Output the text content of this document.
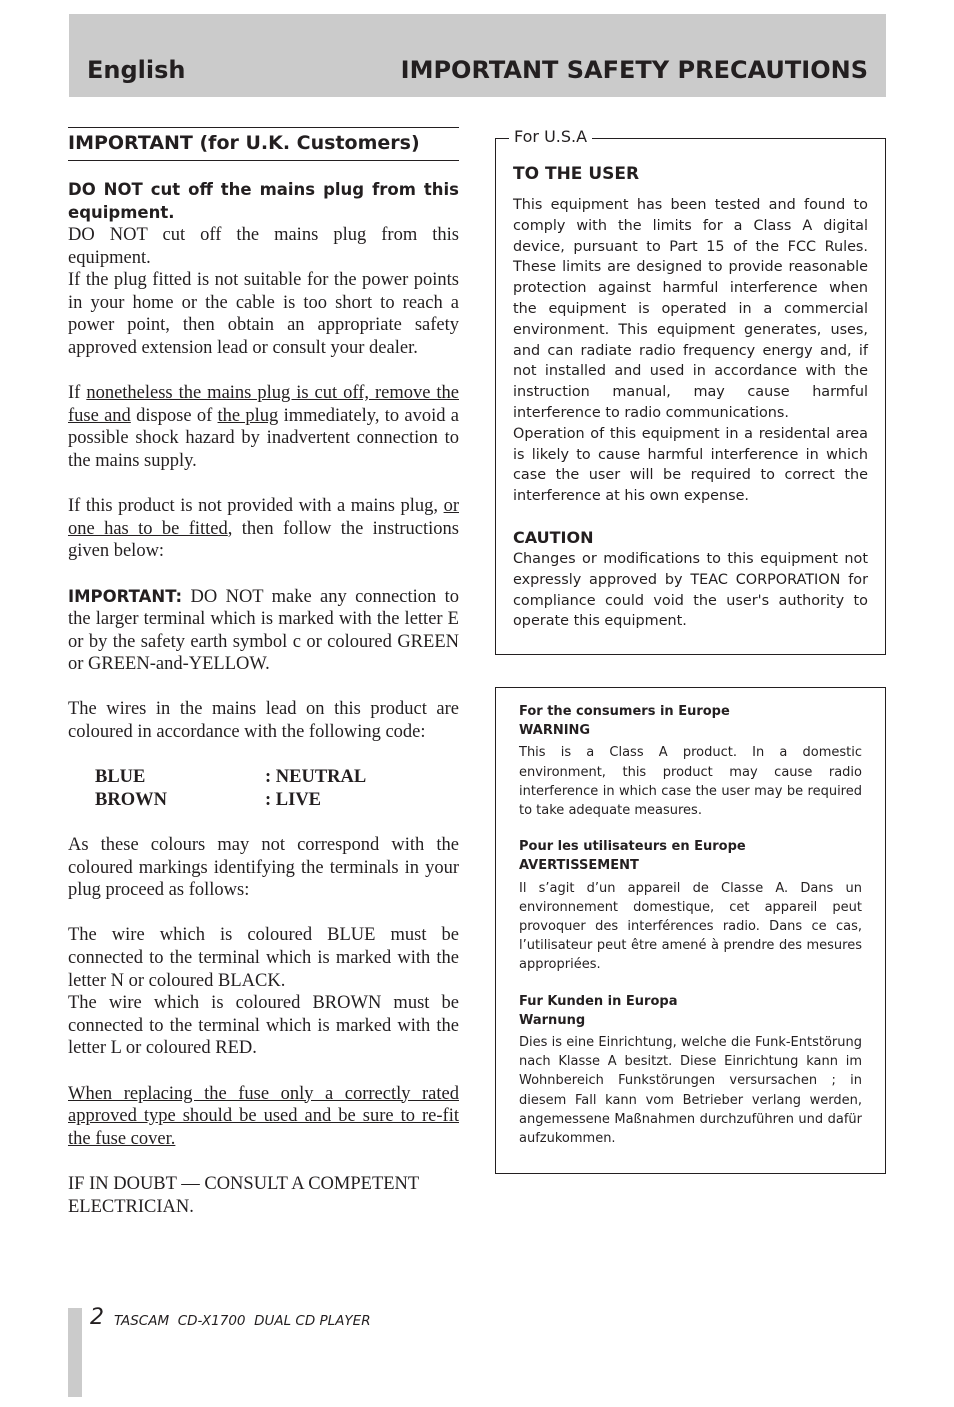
English	IMPORTANT SAFETY PRECAUTIONS
IMPORTANT (for U.K. Customers)
DO NOT cut off the mains plug from this equipment.

DO NOT cut off the mains plug from this equipment.

If the plug fitted is not suitable for the power points in your home or the cable is too short to reach a power point, then obtain an appropriate safety approved extension lead or consult your dealer.

If nonetheless the mains plug is cut off, remove the fuse and dispose of the plug immediately, to avoid a possible shock hazard by inadvertent connection to the mains supply.

If this product is not provided with a mains plug, or one has to be fitted, then follow the instructions given below:

IMPORTANT: DO NOT make any connection to the larger terminal which is marked with the letter E or by the safety earth symbol c or coloured GREEN or GREEN-and-YELLOW.

The wires in the mains lead on this product are coloured in accordance with the following code:

BLUE	: NEUTRAL
BROWN	: LIVE

As these colours may not correspond with the coloured markings identifying the terminals in your plug proceed as follows:

The wire which is coloured BLUE must be connected to the terminal which is marked with the letter N or coloured BLACK.

The wire which is coloured BROWN must be connected to the terminal which is marked with the letter L or coloured RED.

When replacing the fuse only a correctly rated approved type should be used and be sure to re-fit the fuse cover.

IF IN DOUBT — CONSULT A COMPETENT ELECTRICIAN.

For U.S.A
TO THE USER

This equipment has been tested and found to comply with the limits for a Class A digital device, pursuant to Part 15 of the FCC Rules. These limits are designed to provide reasonable protection against harmful interference when the equipment is operated in a commercial environment. This equipment generates, uses, and can radiate radio frequency energy and, if not installed and used in accordance with the instruction manual, may cause harmful interference to radio communications.

Operation of this equipment in a residental area is likely to cause harmful interference in which case the user will be required to correct the interference at his own expense.

CAUTION

Changes or modifications to this equipment not expressly approved by TEAC CORPORATION for compliance could void the user's authority to operate this equipment.

For the consumers in Europe
WARNING

This is a Class A product. In a domestic environment, this product may cause radio interference in which case the user may be required to take adequate measures.

Pour les utilisateurs en Europe
AVERTISSEMENT

Il s’agit d’un appareil de Classe A. Dans un environnement domestique, cet appareil peut provoquer des interférences radio. Dans ce cas, l’utilisateur peut être amené à prendre des mesures appropriées.

Fur Kunden in Europa
Warnung

Dies is eine Einrichtung, welche die Funk-Entstörung nach Klasse A besitzt. Diese Einrichtung kann im Wohnbereich Funkstörungen versursachen ; in diesem Fall kann vom Betrieber verlang werden, angemessene Maßnahmen durchzuführen und dafür aufzukommen.

2 TASCAM  CD-X1700  DUAL CD PLAYER
